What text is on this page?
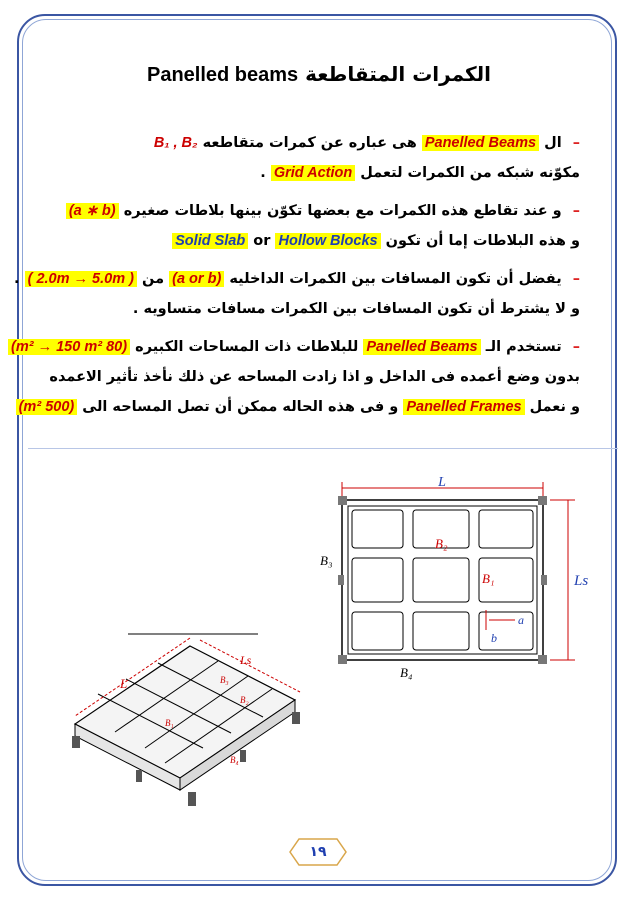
Panelled beams الكمرات المتقاطعة
– ال Panelled Beams هى عباره عن كمرات متقاطعه B₁ , B₂
مكوّنه شبكه من الكمرات لتعمل Grid Action .
– و عند تقاطع هذه الكمرات مع بعضها تكوّن بينها بلاطات صغيره (a ∗ b)
و هذه البلاطات إما أن تكون Solid Slab or Hollow Blocks
– يفضل أن تكون المسافات بين الكمرات الداخليه (a or b) من ( 2.0m → 5.0m ) .
و لا يشترط أن تكون المسافات بين الكمرات مسافات متساويه .
– تستخدم الـ Panelled Beams للبلاطات ذات المساحات الكبيره (80 m² → 150 m²)
بدون وضع أعمده فى الداخل و اذا زادت المساحه عن ذلك نأخذ تأثير الاعمده
و نعمل Panelled Frames و فى هذه الحاله ممكن أن تصل المساحه الى (500 m²)
L
Ls
a
b
B₂
B₁
B₃
B₄
L
Ls
B₃
B₂
B₁
B₄
١٩
